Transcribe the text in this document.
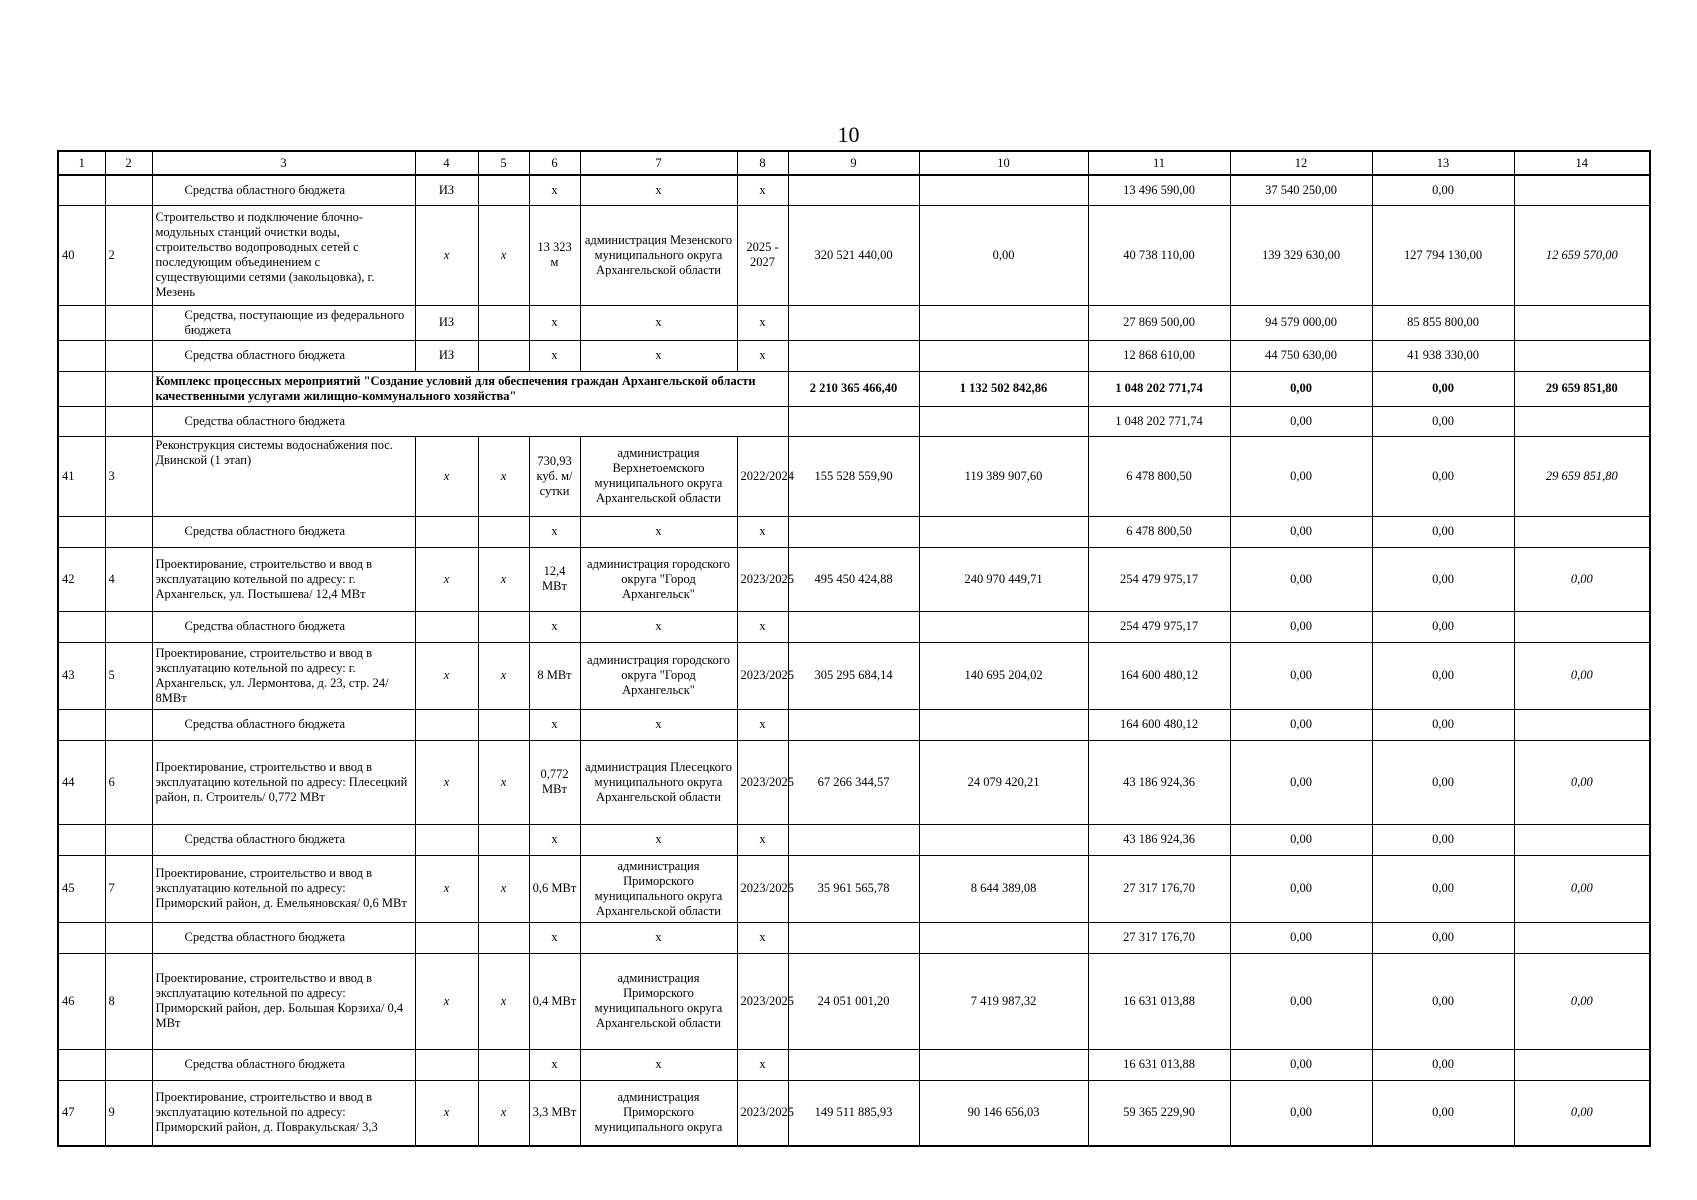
10
1	2	3	4	5	6	7	8	9	10	11	12	13	14
		Средства областного бюджета	ИЗ		х	х	х			13 496 590,00	37 540 250,00	0,00	
40	2	Строительство и подключение блочно-модульных станций очистки воды, строительство водопроводных сетей с последующим объединением с существующими сетями (закольцовка), г. Мезень	х	х	13 323 м	администрация Мезенского муниципального округа Архангельской области	2025 - 2027	320 521 440,00	0,00	40 738 110,00	139 329 630,00	127 794 130,00	12 659 570,00
		Средства, поступающие из федерального бюджета	ИЗ		х	х	х			27 869 500,00	94 579 000,00	85 855 800,00	
		Средства областного бюджета	ИЗ		х	х	х			12 868 610,00	44 750 630,00	41 938 330,00	
		Комплекс процессных мероприятий "Создание условий для обеспечения граждан Архангельской области качественными услугами жилищно-коммунального хозяйства"						2 210 365 466,40	1 132 502 842,86	1 048 202 771,74	0,00	0,00	29 659 851,80
		Средства областного бюджета								1 048 202 771,74	0,00	0,00	
41	3	Реконструкция системы водоснабжения пос. Двинской (1 этап)	х	х	730,93 куб. м/сутки	администрация Верхнетоемского муниципального округа Архангельской области	2022/2024	155 528 559,90	119 389 907,60	6 478 800,50	0,00	0,00	29 659 851,80
		Средства областного бюджета			х	х	х			6 478 800,50	0,00	0,00	
42	4	Проектирование, строительство и ввод в эксплуатацию котельной по адресу: г. Архангельск, ул. Постышева/ 12,4 МВт	х	х	12,4 МВт	администрация городского округа "Город Архангельск"	2023/2025	495 450 424,88	240 970 449,71	254 479 975,17	0,00	0,00	0,00
		Средства областного бюджета			х	х	х			254 479 975,17	0,00	0,00	
43	5	Проектирование, строительство и ввод в эксплуатацию котельной по адресу: г. Архангельск, ул. Лермонтова, д. 23, стр. 24/ 8МВт	х	х	8 МВт	администрация городского округа "Город Архангельск"	2023/2025	305 295 684,14	140 695 204,02	164 600 480,12	0,00	0,00	0,00
		Средства областного бюджета			х	х	х			164 600 480,12	0,00	0,00	
44	6	Проектирование, строительство и ввод в эксплуатацию котельной по адресу: Плесецкий район, п. Строитель/ 0,772 МВт	х	х	0,772 МВт	администрация Плесецкого муниципального округа Архангельской области	2023/2025	67 266 344,57	24 079 420,21	43 186 924,36	0,00	0,00	0,00
		Средства областного бюджета			х	х	х			43 186 924,36	0,00	0,00	
45	7	Проектирование, строительство и ввод в эксплуатацию котельной по адресу: Приморский район, д. Емельяновская/ 0,6 МВт	х	х	0,6 МВт	администрация Приморского муниципального округа Архангельской области	2023/2025	35 961 565,78	8 644 389,08	27 317 176,70	0,00	0,00	0,00
		Средства областного бюджета			х	х	х			27 317 176,70	0,00	0,00	
46	8	Проектирование, строительство и ввод в эксплуатацию котельной по адресу: Приморский район, дер. Большая Корзиха/ 0,4 МВт	х	х	0,4 МВт	администрация Приморского муниципального округа Архангельской области	2023/2025	24 051 001,20	7 419 987,32	16 631 013,88	0,00	0,00	0,00
		Средства областного бюджета			х	х	х			16 631 013,88	0,00	0,00	
47	9	Проектирование, строительство и ввод в эксплуатацию котельной по адресу: Приморский район, д. Повракульская/ 3,3	х	х	3,3 МВт	администрация Приморского муниципального округа	2023/2025	149 511 885,93	90 146 656,03	59 365 229,90	0,00	0,00	0,00
